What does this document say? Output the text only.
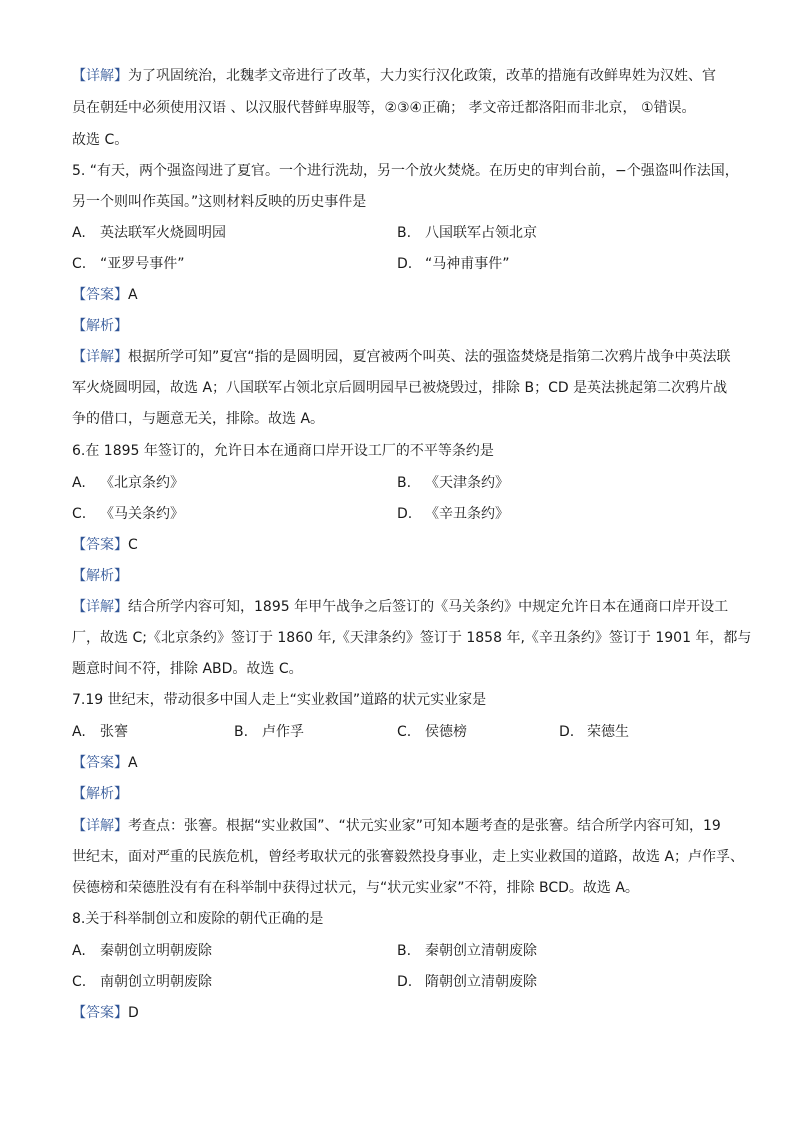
【详解】为了巩固统治，北魏孝文帝进行了改革，大力实行汉化政策，改革的措施有改鲜卑姓为汉姓、官
员在朝廷中必须使用汉语 、以汉服代替鲜卑服等，②③④正确； 孝文帝迁都洛阳而非北京， ①错误。
故选 C。
5. “有天，两个强盗闯进了夏官。一个进行洗劫，另一个放火焚烧。在历史的审判台前，−个强盗叫作法国，
另一个则叫作英国。”这则材料反映的历史事件是
A. 英法联军火烧圆明园	B. 八国联军占领北京
C. “亚罗号事件”	D. “马神甫事件”
【答案】A
【解析】
【详解】根据所学可知”夏宫“指的是圆明园，夏宫被两个叫英、法的强盗焚烧是指第二次鸦片战争中英法联
军火烧圆明园，故选 A；八国联军占领北京后圆明园早已被烧毁过，排除 B；CD 是英法挑起第二次鸦片战
争的借口，与题意无关，排除。故选 A。
6.在 1895 年签订的，允许日本在通商口岸开设工厂的不平等条约是
A. 《北京条约》	B. 《天津条约》
C. 《马关条约》	D. 《辛丑条约》
【答案】C
【解析】
【详解】结合所学内容可知，1895 年甲午战争之后签订的《马关条约》中规定允许日本在通商口岸开设工
厂，故选 C;《北京条约》签订于 1860 年,《天津条约》签订于 1858 年,《辛丑条约》签订于 1901 年，都与
题意时间不符，排除 ABD。故选 C。
7.19 世纪末，带动很多中国人走上“实业救国”道路的状元实业家是
A. 张謇	B. 卢作孚	C. 侯德榜	D. 荣德生
【答案】A
【解析】
【详解】考查点：张謇。根据“实业救国”、“状元实业家”可知本题考查的是张謇。结合所学内容可知，19
世纪末，面对严重的民族危机，曾经考取状元的张謇毅然投身事业，走上实业救国的道路，故选 A；卢作孚、
侯德榜和荣德胜没有有在科举制中获得过状元，与“状元实业家”不符，排除 BCD。故选 A。
8.关于科举制创立和废除的朝代正确的是
A. 秦朝创立明朝废除	B. 秦朝创立清朝废除
C. 南朝创立明朝废除	D. 隋朝创立清朝废除
【答案】D
